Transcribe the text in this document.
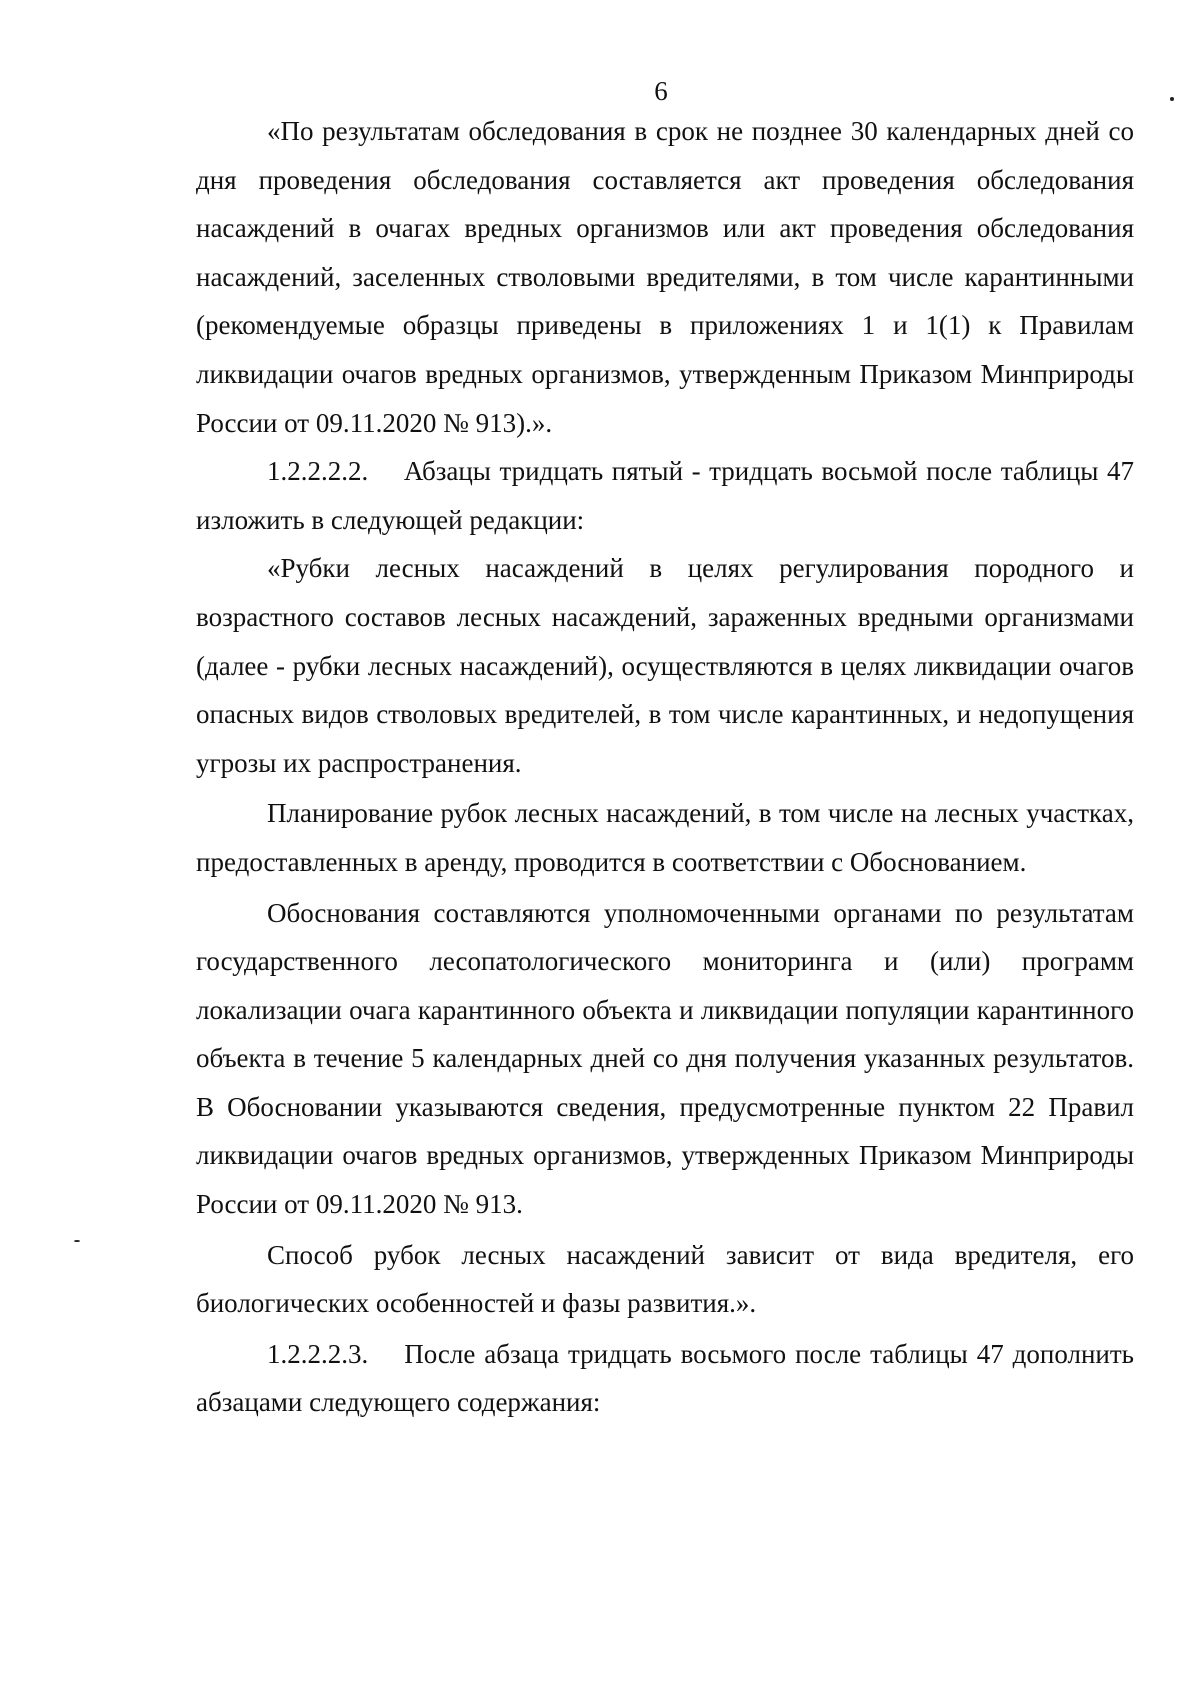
6

«По результатам обследования в срок не позднее 30 календарных дней со дня проведения обследования составляется акт проведения обследования насаждений в очагах вредных организмов или акт проведения обследования насаждений, заселенных стволовыми вредителями, в том числе карантинными (рекомендуемые образцы приведены в приложениях 1 и 1(1) к Правилам ликвидации очагов вредных организмов, утвержденным Приказом Минприроды России от 09.11.2020 № 913).».

1.2.2.2.2.  Абзацы тридцать пятый - тридцать восьмой после таблицы 47 изложить в следующей редакции:

«Рубки лесных насаждений в целях регулирования породного и возрастного составов лесных насаждений, зараженных вредными организмами (далее - рубки лесных насаждений), осуществляются в целях ликвидации очагов опасных видов стволовых вредителей, в том числе карантинных, и недопущения угрозы их распространения.

Планирование рубок лесных насаждений, в том числе на лесных участках, предоставленных в аренду, проводится в соответствии с Обоснованием.

Обоснования составляются уполномоченными органами по результатам государственного лесопатологического мониторинга и (или) программ локализации очага карантинного объекта и ликвидации популяции карантинного объекта в течение 5 календарных дней со дня получения указанных результатов. В Обосновании указываются сведения, предусмотренные пунктом 22 Правил ликвидации очагов вредных организмов, утвержденных Приказом Минприроды России от 09.11.2020 № 913.

Способ рубок лесных насаждений зависит от вида вредителя, его биологических особенностей и фазы развития.».

1.2.2.2.3.  После абзаца тридцать восьмого после таблицы 47 дополнить абзацами следующего содержания:
